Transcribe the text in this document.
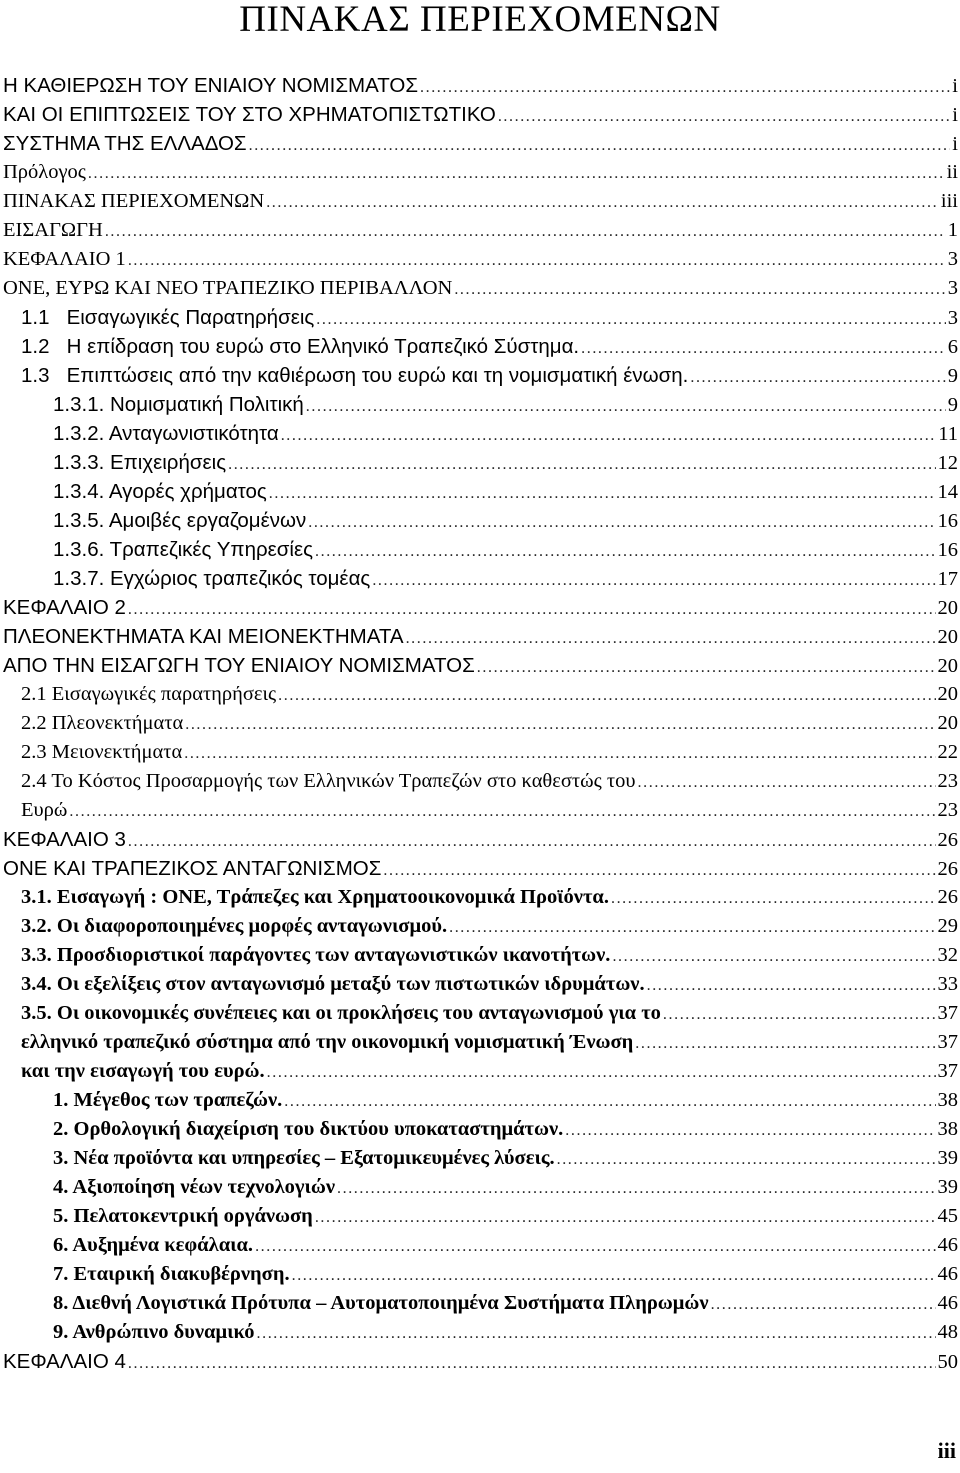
ΠΙΝΑΚΑΣ ΠΕΡΙΕΧΟΜΕΝΩΝ
Η ΚΑΘΙΕΡΩΣΗ ΤΟΥ ΕΝΙΑΙΟΥ ΝΟΜΙΣΜΑΤΟΣ .....	i
ΚΑΙ ΟΙ ΕΠΙΠΤΩΣΕΙΣ ΤΟΥ ΣΤΟ ΧΡΗΜΑΤΟΠΙΣΤΩΤΙΚΟ .....	i
ΣΥΣΤΗΜΑ ΤΗΣ ΕΛΛΑΔΟΣ .....	i
Πρόλογος .....	ii
ΠΙΝΑΚΑΣ ΠΕΡΙΕΧΟΜΕΝΩΝ .....	iii
ΕΙΣΑΓΩΓΗ .....	1
ΚΕΦΑΛΑΙΟ 1 .....	3
ΟΝΕ, ΕΥΡΩ ΚΑΙ ΝΕΟ ΤΡΑΠΕΖΙΚΟ ΠΕΡΙΒΑΛΛΟΝ .....	3
1.1   Εισαγωγικές Παρατηρήσεις .....	3
1.2   Η επίδραση του ευρώ στο Ελληνικό Τραπεζικό Σύστημα. .....	6
1.3   Επιπτώσεις από την καθιέρωση του ευρώ και τη νομισματική ένωση. .....	9
1.3.1. Νομισματική Πολιτική .....	9
1.3.2. Ανταγωνιστικότητα .....	11
1.3.3. Επιχειρήσεις .....	12
1.3.4. Αγορές χρήματος .....	14
1.3.5. Αμοιβές εργαζομένων .....	16
1.3.6. Τραπεζικές Υπηρεσίες .....	16
1.3.7. Εγχώριος τραπεζικός τομέας .....	17
ΚΕΦΑΛΑΙΟ 2 .....	20
ΠΛΕΟΝΕΚΤΗΜΑΤΑ ΚΑΙ ΜΕΙΟΝΕΚΤΗΜΑΤΑ .....	20
ΑΠΟ ΤΗΝ ΕΙΣΑΓΩΓΗ ΤΟΥ ΕΝΙΑΙΟΥ ΝΟΜΙΣΜΑΤΟΣ .....	20
2.1 Εισαγωγικές παρατηρήσεις .....	20
2.2 Πλεονεκτήματα .....	20
2.3 Μειονεκτήματα .....	22
2.4 Το Κόστος Προσαρμογής των Ελληνικών Τραπεζών στο καθεστώς του .....	23
Ευρώ .....	23
ΚΕΦΑΛΑΙΟ 3 .....	26
ΟΝΕ ΚΑΙ ΤΡΑΠΕΖΙΚΟΣ ΑΝΤΑΓΩΝΙΣΜΟΣ .....	26
3.1. Εισαγωγή : ΟΝΕ, Τράπεζες και Χρηματοοικονομικά Προϊόντα. .....	26
3.2. Οι διαφοροποιημένες μορφές ανταγωνισμού. .....	29
3.3. Προσδιοριστικοί παράγοντες των ανταγωνιστικών ικανοτήτων. .....	32
3.4. Οι εξελίξεις στον ανταγωνισμό μεταξύ των πιστωτικών ιδρυμάτων. .....	33
3.5. Οι οικονομικές συνέπειες και οι προκλήσεις του ανταγωνισμού για το .....	37
ελληνικό τραπεζικό σύστημα από την οικονομική νομισματική Ένωση .....	37
και την εισαγωγή του ευρώ. .....	37
1. Μέγεθος των τραπεζών. .....	38
2. Ορθολογική διαχείριση του δικτύου υποκαταστημάτων. .....	38
3. Νέα προϊόντα και υπηρεσίες – Εξατομικευμένες λύσεις. .....	39
4. Αξιοποίηση νέων τεχνολογιών .....	39
5. Πελατοκεντρική οργάνωση .....	45
6. Αυξημένα κεφάλαια. .....	46
7. Εταιρική διακυβέρνηση. .....	46
8. Διεθνή Λογιστικά Πρότυπα – Αυτοματοποιημένα Συστήματα Πληρωμών .....	46
9. Ανθρώπινο δυναμικό .....	48
ΚΕΦΑΛΑΙΟ 4 .....	50
iii
